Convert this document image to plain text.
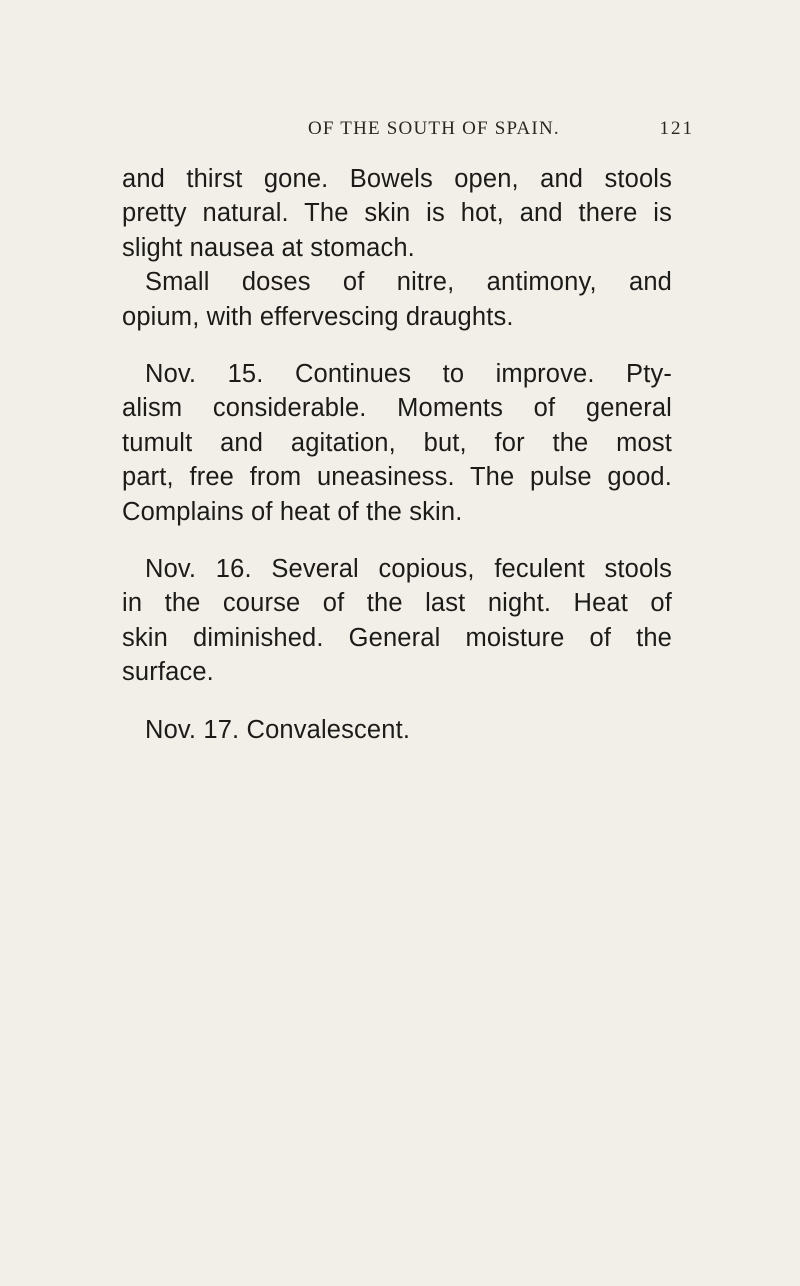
OF THE SOUTH OF SPAIN.	121
and thirst gone. Bowels open, and stools
pretty natural. The skin is hot, and there is
slight nausea at stomach.
Small doses of nitre, antimony, and
opium, with effervescing draughts.
Nov. 15. Continues to improve. Pty-
alism considerable. Moments of general
tumult and agitation, but, for the most
part, free from uneasiness. The pulse good.
Complains of heat of the skin.
Nov. 16. Several copious, feculent stools
in the course of the last night. Heat of
skin diminished. General moisture of the
surface.
Nov. 17. Convalescent.
